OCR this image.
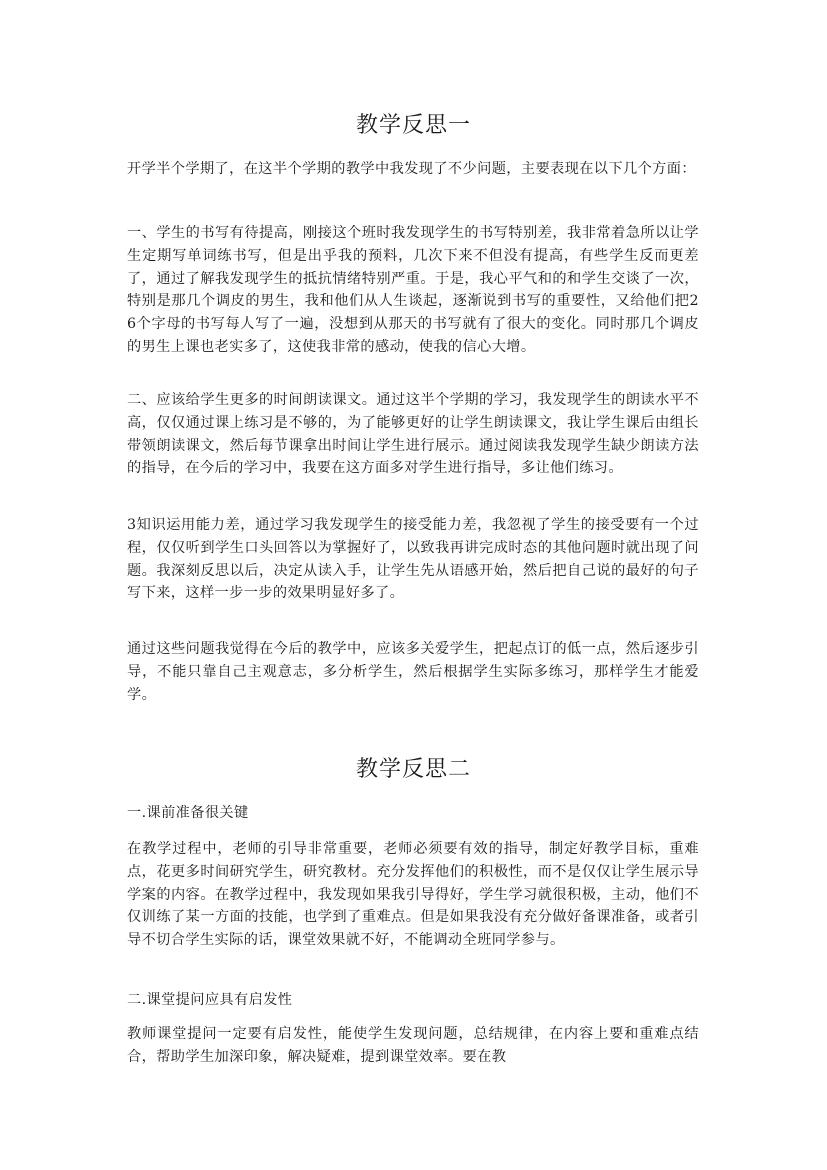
教学反思一

开学半个学期了，在这半个学期的教学中我发现了不少问题，主要表现在以下几个方面：

一、学生的书写有待提高，刚接这个班时我发现学生的书写特别差，我非常着急所以让学生定期写单词练书写，但是出乎我的预料，几次下来不但没有提高，有些学生反而更差了，通过了解我发现学生的抵抗情绪特别严重。于是，我心平气和的和学生交谈了一次，特别是那几个调皮的男生，我和他们从人生谈起，逐渐说到书写的重要性，又给他们把26个字母的书写每人写了一遍，没想到从那天的书写就有了很大的变化。同时那几个调皮的男生上课也老实多了，这使我非常的感动，使我的信心大增。

二、应该给学生更多的时间朗读课文。通过这半个学期的学习，我发现学生的朗读水平不高，仅仅通过课上练习是不够的，为了能够更好的让学生朗读课文，我让学生课后由组长带领朗读课文，然后每节课拿出时间让学生进行展示。通过阅读我发现学生缺少朗读方法的指导，在今后的学习中，我要在这方面多对学生进行指导，多让他们练习。

3知识运用能力差，通过学习我发现学生的接受能力差，我忽视了学生的接受要有一个过程，仅仅听到学生口头回答以为掌握好了，以致我再讲完成时态的其他问题时就出现了问题。我深刻反思以后，决定从读入手，让学生先从语感开始，然后把自己说的最好的句子写下来，这样一步一步的效果明显好多了。

通过这些问题我觉得在今后的教学中，应该多关爱学生，把起点订的低一点，然后逐步引导，不能只靠自己主观意志，多分析学生，然后根据学生实际多练习，那样学生才能爱学。

教学反思二
一.课前准备很关键

在教学过程中，老师的引导非常重要，老师必须要有效的指导，制定好教学目标，重难点，花更多时间研究学生，研究教材。充分发挥他们的积极性，而不是仅仅让学生展示导学案的内容。在教学过程中，我发现如果我引导得好，学生学习就很积极，主动，他们不仅训练了某一方面的技能，也学到了重难点。但是如果我没有充分做好备课准备，或者引导不切合学生实际的话，课堂效果就不好，不能调动全班同学参与。

二.课堂提问应具有启发性

教师课堂提问一定要有启发性，能使学生发现问题，总结规律，在内容上要和重难点结合，帮助学生加深印象，解决疑难，提到课堂效率。要在教
